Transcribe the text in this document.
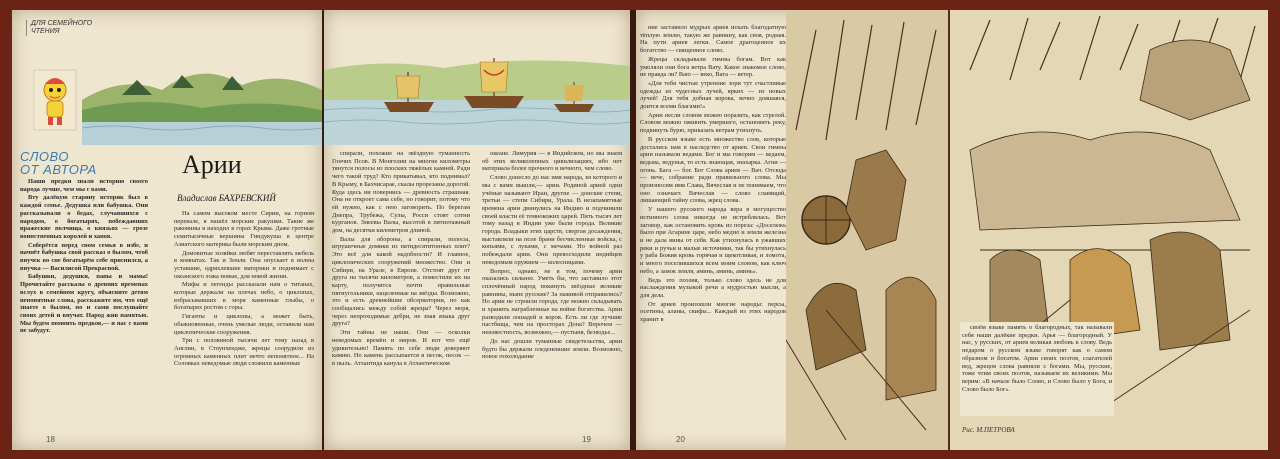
ДЛЯ СЕМЕЙНОГО ЧТЕНИЯ
СЛОВО
ОТ АВТОРА	Арии
Владислав БАХРЕВСКИЙ

Наши предки знали историю своего народа лучше, чем мы с вами.

Вту далёкую старину историк был в каждой семье. Дедушка или бабушка. Они рассказывали о бедах, случавшихся с народом, о богатырях, побеждавших вражеские полчища, о князьях — грозе воинственных королей и ханов.

Соберётся перед сном семья в избе, и начнёт бабушка свой рассказ о былом, чтоб внучек во сне богатырём себе приснился, а внучка — Василисой Прекрасной.

Бабушки, дедушки, папы и мамы! Прочитайте рассказы о древних временах вслух в семейном кругу, объясните детям непонятные слова, расскажите им, что ещё знаете о былом, но и сами послушайте своих детей и внучат. Народ жив памятью. Мы будем помнить предков,— и нас с вами не забудут.

На самом высоком месте Сирии, на горном перевале, я нашёл морские ракушки. Такие же раковины я находил в горах Крыма. Даже гротные семитысячные вершины Гиндукуша в центре Азиатского материка были морским дном.

Домовитые хозяйки любят переставлять мебель в комнатах. Так и Земля. Она опускает в волны уставшие, одряхлевшие материки и поднимает с океанского ложа новые, для новой жизни.

Мифы и легенды рассказали нам о титанах, которые держали на плечах небо, о циклопах, взбрасывавших в моря каменные глыбы, о богатырях ростом с горы.

Гиганты и циклопы, а может быть, обыкновенные, очень умелые люди, оставили нам циклопические сооружения.

Три с половиной тысячи лет тому назад в Англии, в Стоунхендже, жрецы соорудили из огромных каменных плит нечто непонятное... На Соловках неведомые люди сложили каменные

18

спирали, похожие на звёздную туманность Гончих Псов. В Монголии на многие километры тянутся полосы из плоских тяжёлых камней. Ради чего такой труд? Кто прикатывал, кто поднимал? В Крыму, в Бахчисарае, скалы прорезаны дорогой. Куда здесь ни повернись — древность страшная. Она не откроет сама себе, но говорит, потому что ей нужно, как с нею заговорить. По берегам Днепра, Трубежа, Сулы, Росси стоят сотни курганов. Змеевы Валы, высотой в пятиэтажный дом, на десятки километров длиной.

Валы для обороны, а спирали, полосы, игрушечные домики из пятидесятитонных плит? Это всё для какой надобности? И главное, циклопических сооружений множество. Они и Сибири, на Урале, в Европе. Отстоят друг от друга на тысячи километров, а поместили их на карту, получится почти правильные пятиугольники, нацеленные на звёзды. Возможно, это и есть древнейшие обсерватории, но как сообщались между собой жрецы? Через моря, через непроходимые дебри, не зная языка друг друга?

Эти тайны не наши. Они — осколки неведомых времён и миров. И вот что ещё удивительно! Память по себе люди доверяют камню. Но камень рассыпается в песок, песок — в пыль. Атлантида канула в Атлантическом

океане. Лимурия — в Индийском, но мы знаем об этих великолепных цивилизациях, ибо нет материала более прочного и вечного, чем слово.

Слово донесло до нас имя народа, из которого и мы с вами вышли,— арии. Родиной арией одни учёные называют Иран, другие — донские степи, третьи — степи Сибири, Урала. В незапамятные времена арии двинулись на Индию и подчинили своей власти её темнокожих царей. Пять тысяч лет тому назад в Индии уже были города. Великие города. Владыки этих царств, свергая досаждения, выставляли на поле брани бесчисленные войска, с копьями, с луками, с мечами. Но войной раз побеждали арии. Они превосходили индийцев неведомым оружием — колесницами.

Вопрос, однако, не в том, почему арии оказались сильнее. Уметь бы, что заставило этот сплочённый народ покинуть звёздные великие равнины, ныне русские? За наживой отправились? Но арии не строили города, где можно складывать и хранить награбленные на войне богатства. Арии разводили лошадей и коров. Есть ли где лучшие пастбища, чем на просторах Дона? Впрочем — неизвестность, возможно,— пустыня, безводье...

До нас дошли туманные свидетельства, арии будто бы держали оледеневшие земли. Возможно, новое похолодание

19

ние заставило мудрых ариев искать благодатную тёплую землю, такую же равнину, как своя, родная. На пути ариев легки. Самое драгоценное их богатство — священное слово.

Жрецы складывали гимны богам. Вот как умоляли они бога ветра Вату. Какое знакомое слово, не правда ли? Ваю — веко, Вата — ветер.

«Для тебя чистые утренние зори тут счастливые одежды из чудесных лучей, ярких — из новых лучей! Для тебя добная корова, вечно дояшаяся, доится всеми благами!»

Арии несли словом можно поразить, как стрелой. Словом можно оживить умершего, остановить реку, подвинуть бурю, приказать ветрам утихнуть.

В русском языке есть множество слов, которые достались нам в наследство от ариев. Свои гимны арии называли ведами. Бог и мы говорим — ведаем, ведьма, ведунья, то есть знающая, знахарка. Агни — огонь. Бага — бог. Бог Слова ариев — Вач. Отсюда — вече, собрание ради правильного слова. Мы произносим имя Слава, Вячеслав и не понимаем, что оно означает. Вячеслав — слово славящий, лишающий тайну слова, жрец слова.

У нашего русского народа вера в могущество истинного слова никогда не истреблялась. Вот заговор, как остановить кровь из пореза: «Досележь было при Агарине царе, небо медно и земля железна и не дала вины от себя. Как утихнулась в ужавших реки и ручьи и малые источники, так бы утихнулась у раба Божия кровь горячая и щекотливая, и ломота, и много поселившихся всем моим словом, как ключ небо, а замок земля, аминь, аминь, аминь».

Ведь это поэзия, только слово здесь не для наслаждения музыкой речи а мудростью мысли, а для дела.

От ариев произошли многие народы: персы, осетины, аланы, скифы... Каждый из этих народов хранит в

20

своём языке память о благородных, так называли себя наши далёкие предки. Арья — благородный. У нас, у русских, от ариев великая любовь к слову. Ведь недаром о русском языке говорят как о самом образном и богатом. Арии своих поэтов, слагателей вед, жрецов слова равняли с богами. Мы, русские, тоже чтим своих поэтов, называем их великими. Мы верим: «В начале было Слово, и Слово было у Бога, и Слово было Бог».

Рис. М.ПЕТРОВА
